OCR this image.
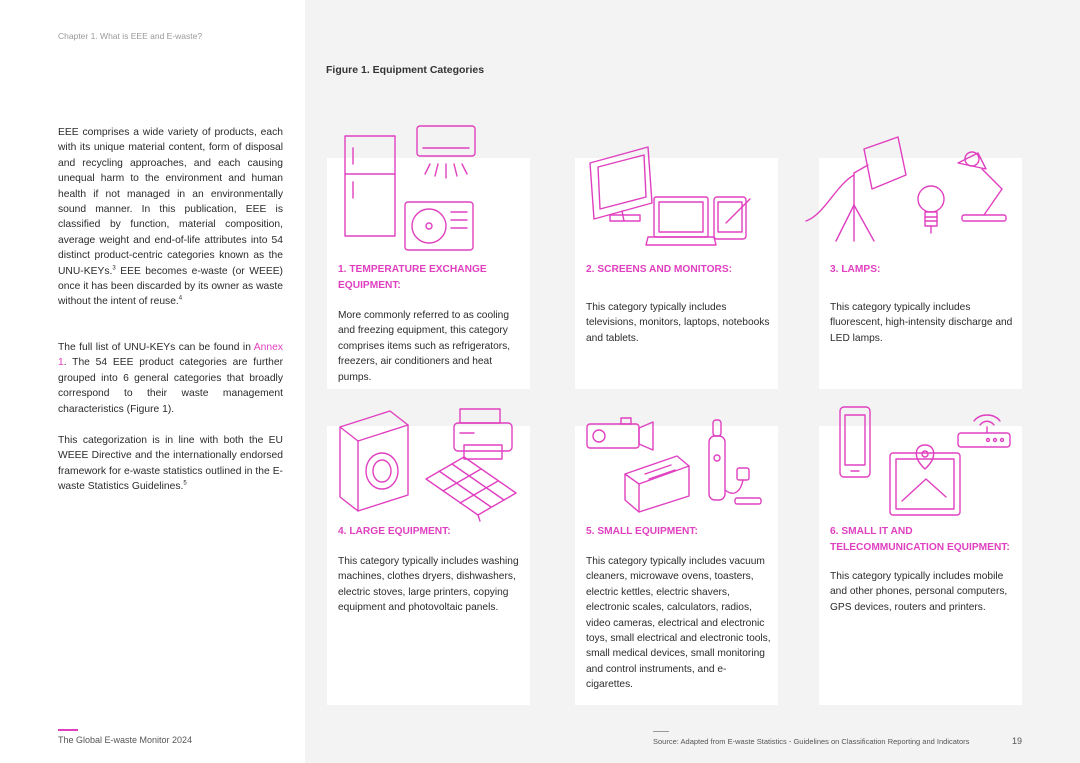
Chapter 1. What is EEE and E-waste?
EEE comprises a wide variety of products, each with its unique material content, form of disposal and recycling approaches, and each causing unequal harm to the environment and human health if not managed in an environmentally sound manner. In this publication, EEE is classified by function, material composition, average weight and end-of-life attributes into 54 distinct product-centric categories known as the UNU-KEYs.$^3$ EEE becomes e-waste (or WEEE) once it has been discarded by its owner as waste without the intent of reuse.$^4$
The full list of UNU-KEYs can be found in Annex 1. The 54 EEE product categories are further grouped into 6 general categories that broadly correspond to their waste management characteristics (Figure 1).
This categorization is in line with both the EU WEEE Directive and the internationally endorsed framework for e-waste statistics outlined in the E-waste Statistics Guidelines.$^5$
The Global E-waste Monitor 2024
Figure 1. Equipment Categories
1. TEMPERATURE EXCHANGE EQUIPMENT:
More commonly referred to as cooling and freezing equipment, this category comprises items such as refrigerators, freezers, air conditioners and heat pumps.
2. SCREENS AND MONITORS:
This category typically includes televisions, monitors, laptops, notebooks and tablets.
3. LAMPS:
This category typically includes fluorescent, high-intensity discharge and LED lamps.
4. LARGE EQUIPMENT:
This category typically includes washing machines, clothes dryers, dishwashers, electric stoves, large printers, copying equipment and photovoltaic panels.
5. SMALL EQUIPMENT:
This category typically includes vacuum cleaners, microwave ovens, toasters, electric kettles, electric shavers, electronic scales, calculators, radios, video cameras, electrical and electronic toys, small electrical and electronic tools, small medical devices, small monitoring and control instruments, and e-cigarettes.
6. SMALL IT AND TELECOMMUNICATION EQUIPMENT:
This category typically includes mobile and other phones, personal computers, GPS devices, routers and printers.
Source: Adapted from E-waste Statistics - Guidelines on Classification Reporting and Indicators	19
